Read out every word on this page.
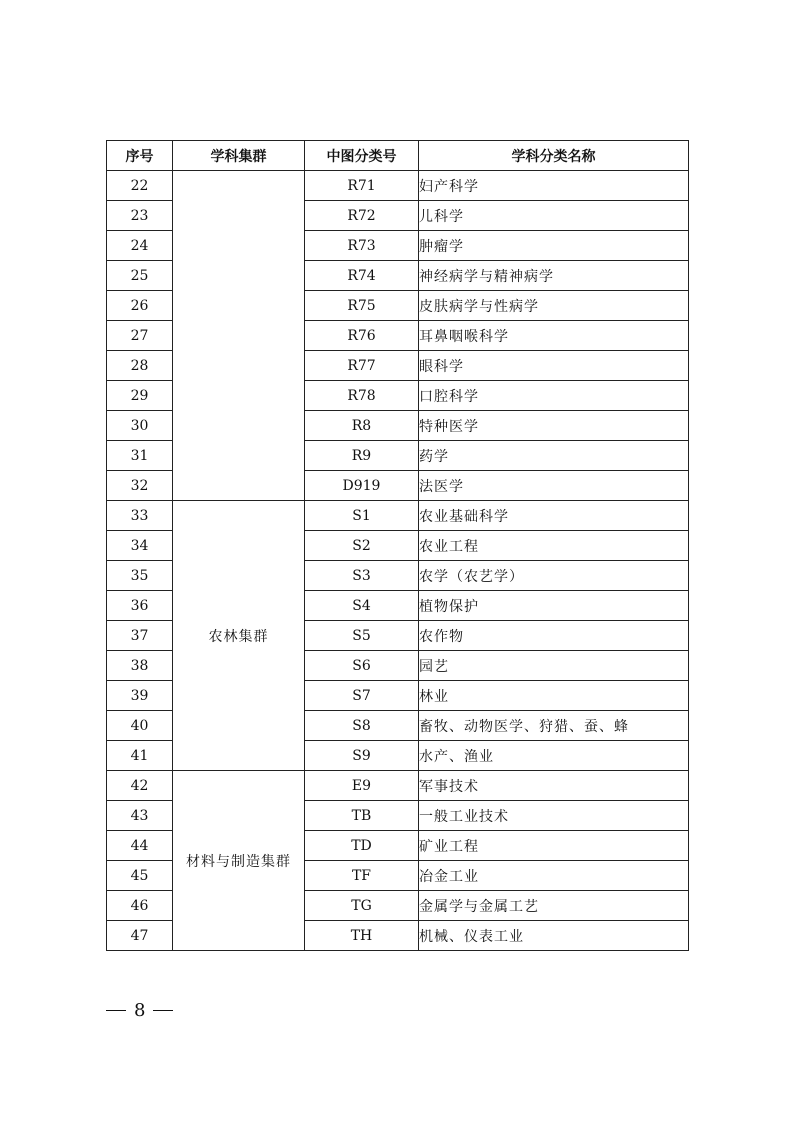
序号	学科集群	中图分类号	学科分类名称
22		R71	妇产科学
23		R72	儿科学
24		R73	肿瘤学
25		R74	神经病学与精神病学
26		R75	皮肤病学与性病学
27		R76	耳鼻咽喉科学
28		R77	眼科学
29		R78	口腔科学
30		R8	特种医学
31		R9	药学
32		D919	法医学
33	农林集群	S1	农业基础科学
34		S2	农业工程
35		S3	农学（农艺学）
36		S4	植物保护
37		S5	农作物
38		S6	园艺
39		S7	林业
40		S8	畜牧、动物医学、狩猎、蚕、蜂
41		S9	水产、渔业
42	材料与制造集群	E9	军事技术
43		TB	一般工业技术
44		TD	矿业工程
45		TF	冶金工业
46		TG	金属学与金属工艺
47		TH	机械、仪表工业
8
